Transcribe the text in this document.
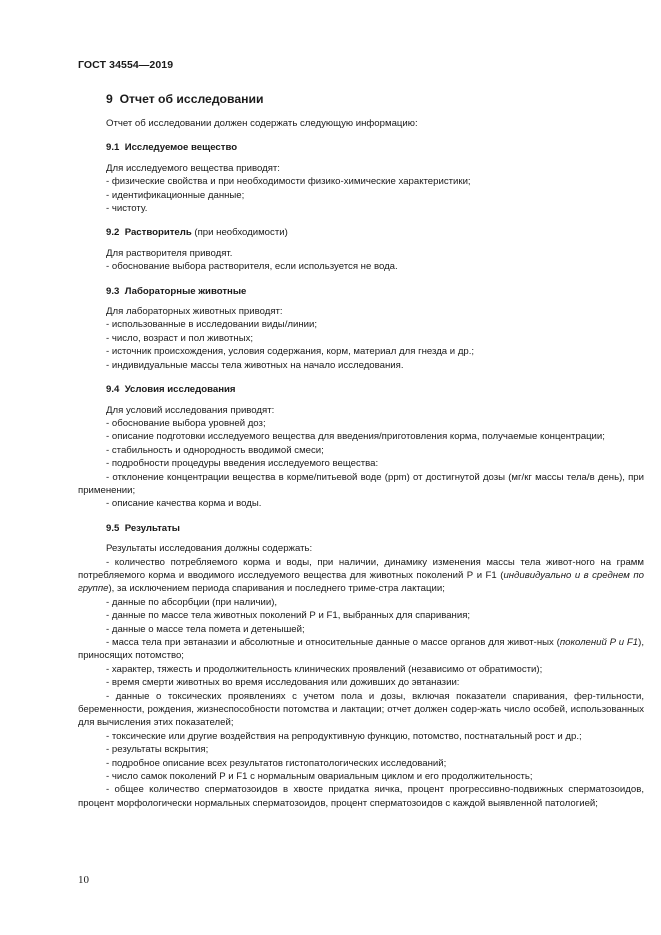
ГОСТ 34554—2019
9 Отчет об исследовании
Отчет об исследовании должен содержать следующую информацию:
9.1 Исследуемое вещество
Для исследуемого вещества приводят:
- физические свойства и при необходимости физико-химические характеристики;
- идентификационные данные;
- чистоту.
9.2 Растворитель (при необходимости)
Для растворителя приводят.
- обоснование выбора растворителя, если используется не вода.
9.3 Лабораторные животные
Для лабораторных животных приводят:
- использованные в исследовании виды/линии;
- число, возраст и пол животных;
- источник происхождения, условия содержания, корм, материал для гнезда и др.;
- индивидуальные массы тела животных на начало исследования.
9.4 Условия исследования
Для условий исследования приводят:
- обоснование выбора уровней доз;
- описание подготовки исследуемого вещества для введения/приготовления корма, получаемые концентрации;
- стабильность и однородность вводимой смеси;
- подробности процедуры введения исследуемого вещества:
- отклонение концентрации вещества в корме/питьевой воде (ppm) от достигнутой дозы (мг/кг массы тела/в день), при применении;
- описание качества корма и воды.
9.5 Результаты
Результаты исследования должны содержать:
- количество потребляемого корма и воды, при наличии, динамику изменения массы тела живот-ного на грамм потребляемого корма и вводимого исследуемого вещества для животных поколений Р и F1 (индивидуально и в среднем по группе), за исключением периода спаривания и последнего триме-стра лактации;
- данные по абсорбции (при наличии),
- данные по массе тела животных поколений Р и F1, выбранных для спаривания;
- данные о массе тела помета и детенышей;
- масса тела при эвтаназии и абсолютные и относительные данные о массе органов для живот-ных (поколений Р и F1), приносящих потомство;
- характер, тяжесть и продолжительность клинических проявлений (независимо от обратимости);
- время смерти животных во время исследования или доживших до эвтаназии:
- данные о токсических проявлениях с учетом пола и дозы, включая показатели спаривания, фер-тильности, беременности, рождения, жизнеспособности потомства и лактации; отчет должен содер-жать число особей, использованных для вычисления этих показателей;
- токсические или другие воздействия на репродуктивную функцию, потомство, постнатальный рост и др.;
- результаты вскрытия;
- подробное описание всех результатов гистопатологических исследований;
- число самок поколений Р и F1 с нормальным овариальным циклом и его продолжительность;
- общее количество сперматозоидов в хвосте придатка яичка, процент прогрессивно-подвижных сперматозоидов, процент морфологически нормальных сперматозоидов, процент сперматозоидов с каждой выявленной патологией;
10
